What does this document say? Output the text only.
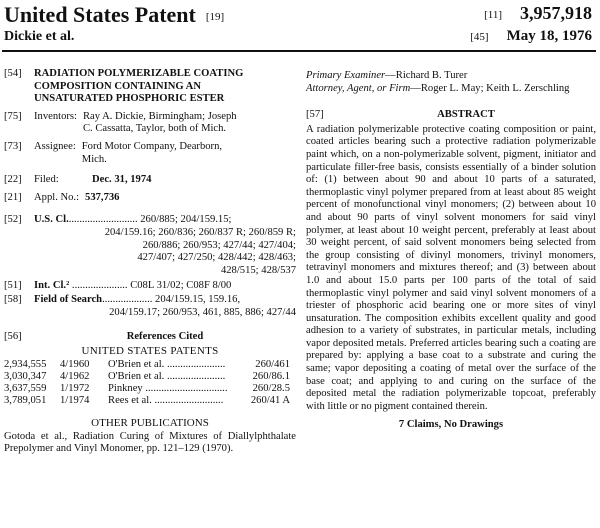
United States Patent [19]
Dickie et al.
[11] 3,957,918
[45] May 18, 1976
[54]	RADIATION POLYMERIZABLE COATING
COMPOSITION CONTAINING AN
UNSATURATED PHOSPHORIC ESTER
[75]	Inventors: Ray A. Dickie, Birmingham; Joseph
C. Cassatta, Taylor, both of Mich.
[73]	Assignee: Ford Motor Company, Dearborn,
Mich.
[22]	Filed:	Dec. 31, 1974
[21]	Appl. No.: 537,736
[52]	U.S. Cl........................... 260/885; 204/159.15;
204/159.16; 260/836; 260/837 R; 260/859 R;
260/886; 260/953; 427/44; 427/404;
427/407; 427/250; 428/442; 428/463;
428/515; 428/537
[51]	Int. Cl.² ..................... C08L 31/02; C08F 8/00
[58]	Field of Search................... 204/159.15, 159.16,
204/159.17; 260/953, 461, 885, 886; 427/44
[56]	References Cited
UNITED STATES PATENTS
2,934,555	4/1960	O'Brien et al. ......................	260/461
3,030,347	4/1962	O'Brien et al. ......................	260/86.1
3,637,559	1/1972	Pinkney ...............................	260/28.5
3,789,051	1/1974	Rees et al. ..........................	260/41 A
OTHER PUBLICATIONS
Gotoda et al., Radiation Curing of Mixtures of Diallylphthalate Prepolymer and Vinyl Monomer, pp. 121–129 (1970).
Primary Examiner—Richard B. Turer
Attorney, Agent, or Firm—Roger L. May; Keith L. Zerschling
[57]	ABSTRACT
A radiation polymerizable protective coating composition or paint, coated articles bearing such a protective radiation polymerizable paint which, on a non-polymerizable solvent, pigment, initiator and particulate filler-free basis, consists essentially of a binder solution of: (1) between about 90 and about 10 parts of a saturated, thermoplastic vinyl polymer prepared from at least about 85 weight percent of monofunctional vinyl monomers; (2) between about 10 and about 90 parts of vinyl solvent monomers for said vinyl polymer, at least about 10 weight percent, preferably at least about 30 weight percent, of said solvent monomers being selected from the group consisting of divinyl monomers, trivinyl monomers, tetravinyl monomers and mixtures thereof; and (3) between about 1.0 and about 15.0 parts per 100 parts of the total of said thermoplastic vinyl polymer and said vinyl solvent monomers of a triester of phosphoric acid bearing one or more sites of vinyl unsaturation. The composition exhibits excellent quality and good adhesion to a variety of substrates, in particular metals, including vapor deposited metals. Preferred articles bearing such a coating are prepared by: applying a base coat to a substrate and curing the same; vapor depositing a coating of metal over the surface of the base coat; and applying to and curing on the surface of the deposited metal the radiation polymerizable topcoat, preferably with little or no pigment contained therein.
7 Claims, No Drawings
